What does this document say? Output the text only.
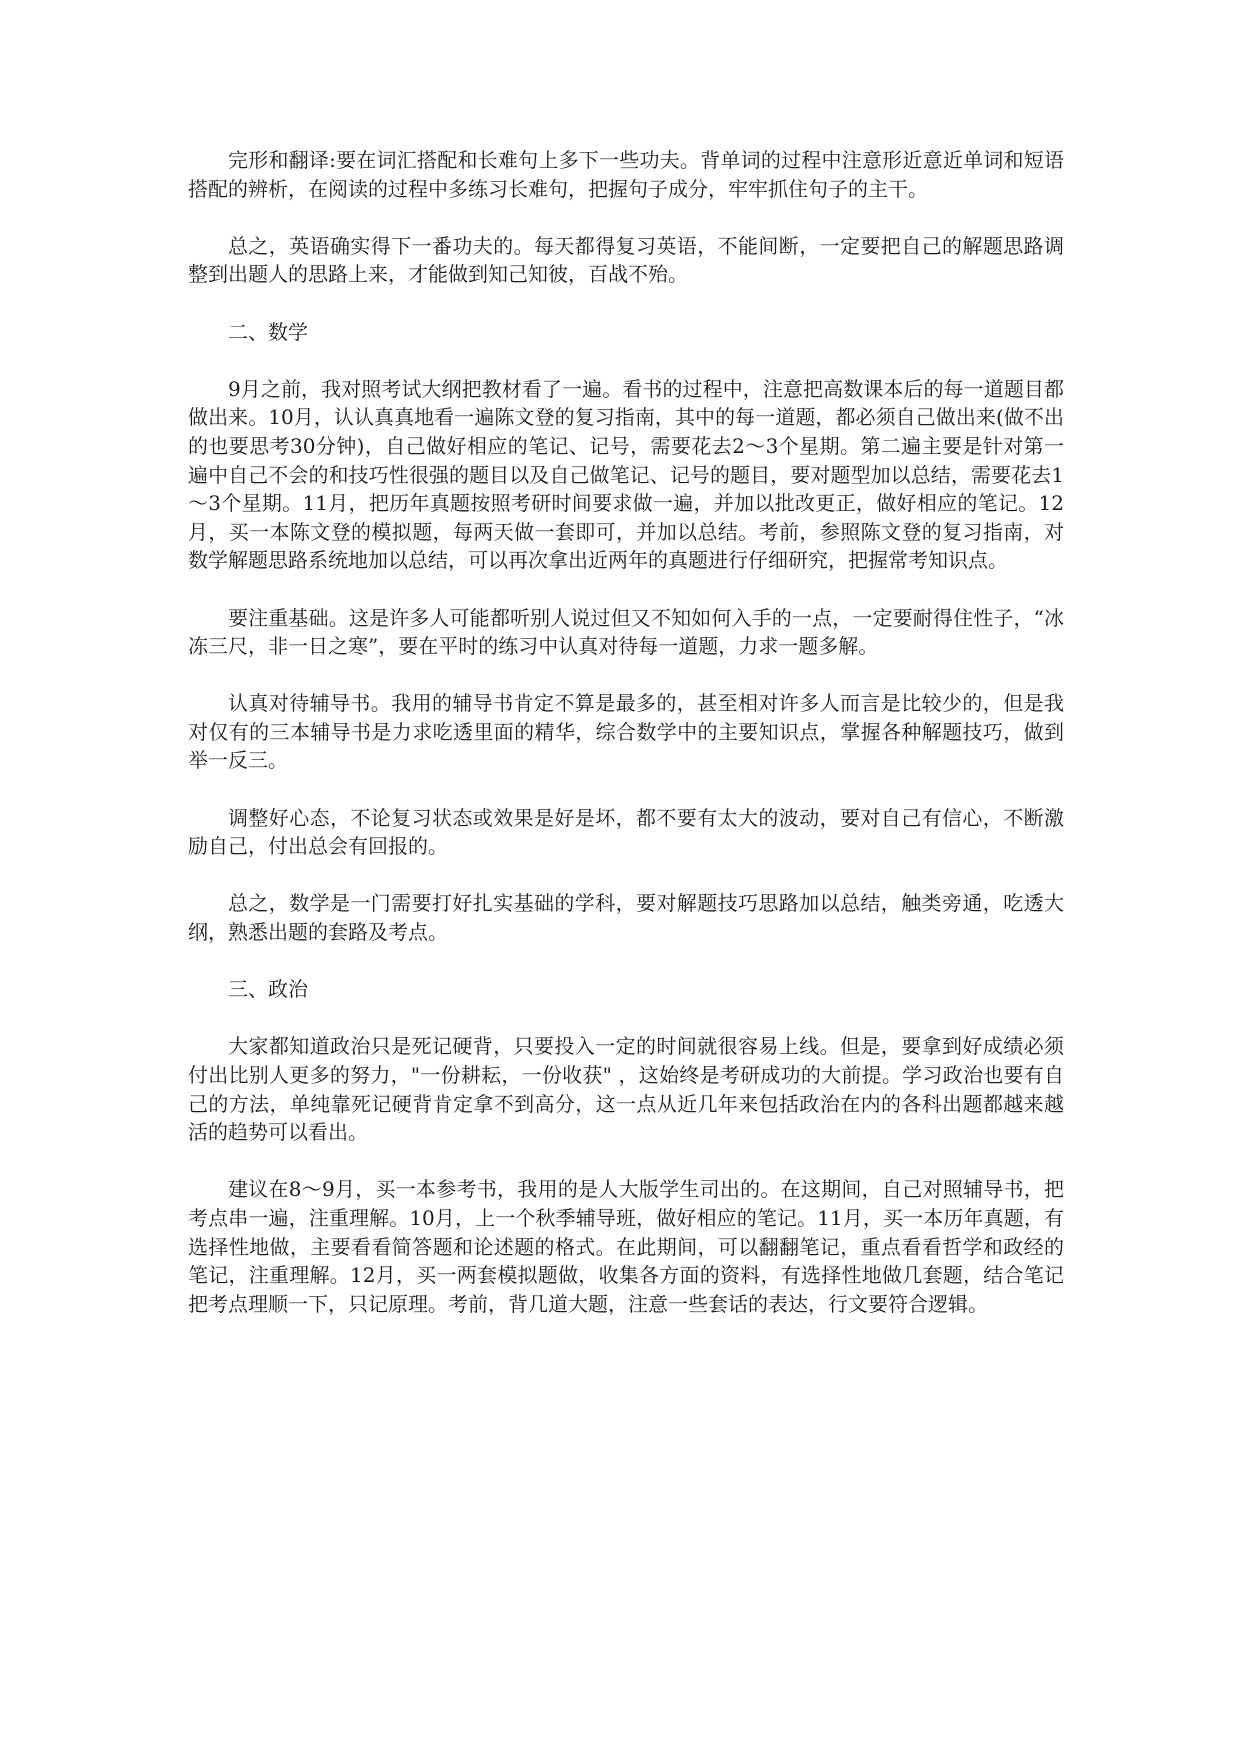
完形和翻译:要在词汇搭配和长难句上多下一些功夫。背单词的过程中注意形近意近单词和短语搭配的辨析，在阅读的过程中多练习长难句，把握句子成分，牢牢抓住句子的主干。

总之，英语确实得下一番功夫的。每天都得复习英语，不能间断，一定要把自己的解题思路调整到出题人的思路上来，才能做到知己知彼，百战不殆。

二、数学

9月之前，我对照考试大纲把教材看了一遍。看书的过程中，注意把高数课本后的每一道题目都做出来。10月，认认真真地看一遍陈文登的复习指南，其中的每一道题，都必须自己做出来(做不出的也要思考30分钟)，自己做好相应的笔记、记号，需要花去2～3个星期。第二遍主要是针对第一遍中自己不会的和技巧性很强的题目以及自己做笔记、记号的题目，要对题型加以总结，需要花去1～3个星期。11月，把历年真题按照考研时间要求做一遍，并加以批改更正，做好相应的笔记。12月，买一本陈文登的模拟题，每两天做一套即可，并加以总结。考前，参照陈文登的复习指南，对数学解题思路系统地加以总结，可以再次拿出近两年的真题进行仔细研究，把握常考知识点。

要注重基础。这是许多人可能都听别人说过但又不知如何入手的一点，一定要耐得住性子，“冰冻三尺，非一日之寒”，要在平时的练习中认真对待每一道题，力求一题多解。

认真对待辅导书。我用的辅导书肯定不算是最多的，甚至相对许多人而言是比较少的，但是我对仅有的三本辅导书是力求吃透里面的精华，综合数学中的主要知识点，掌握各种解题技巧，做到举一反三。

调整好心态，不论复习状态或效果是好是坏，都不要有太大的波动，要对自己有信心，不断激励自己，付出总会有回报的。

总之，数学是一门需要打好扎实基础的学科，要对解题技巧思路加以总结，触类旁通，吃透大纲，熟悉出题的套路及考点。

三、政治

大家都知道政治只是死记硬背，只要投入一定的时间就很容易上线。但是，要拿到好成绩必须付出比别人更多的努力，"一份耕耘，一份收获" ，这始终是考研成功的大前提。学习政治也要有自己的方法，单纯靠死记硬背肯定拿不到高分，这一点从近几年来包括政治在内的各科出题都越来越活的趋势可以看出。

建议在8～9月，买一本参考书，我用的是人大版学生司出的。在这期间，自己对照辅导书，把考点串一遍，注重理解。10月，上一个秋季辅导班，做好相应的笔记。11月，买一本历年真题，有选择性地做，主要看看简答题和论述题的格式。在此期间，可以翻翻笔记，重点看看哲学和政经的笔记，注重理解。12月，买一两套模拟题做，收集各方面的资料，有选择性地做几套题，结合笔记把考点理顺一下，只记原理。考前，背几道大题，注意一些套话的表达，行文要符合逻辑。
